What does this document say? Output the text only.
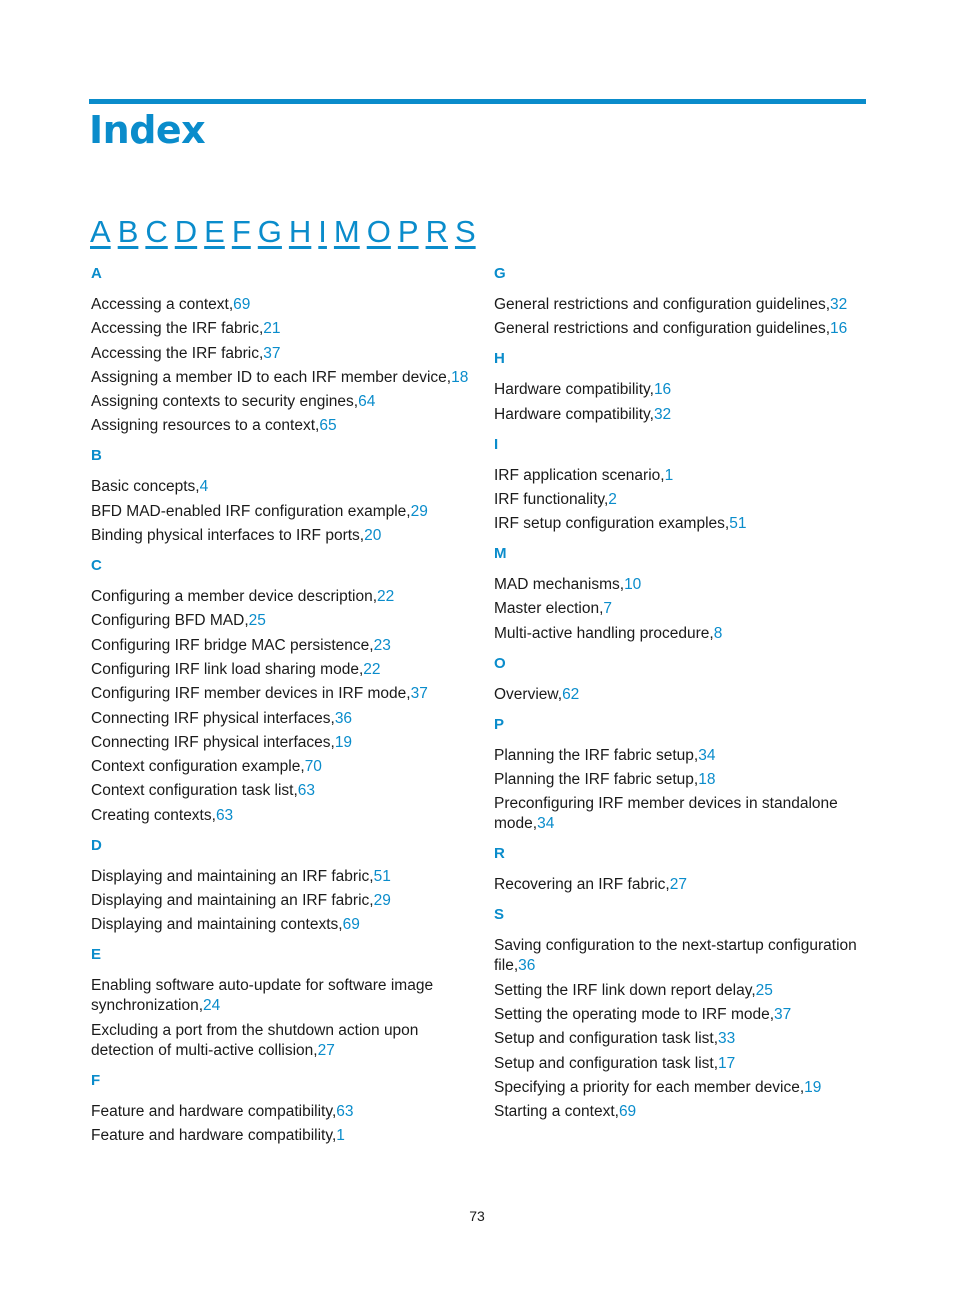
Index
A B C D E F G H I M O P R S
A
Accessing a context,69
Accessing the IRF fabric,21
Accessing the IRF fabric,37
Assigning a member ID to each IRF member device,18
Assigning contexts to security engines,64
Assigning resources to a context,65
B
Basic concepts,4
BFD MAD-enabled IRF configuration example,29
Binding physical interfaces to IRF ports,20
C
Configuring a member device description,22
Configuring BFD MAD,25
Configuring IRF bridge MAC persistence,23
Configuring IRF link load sharing mode,22
Configuring IRF member devices in IRF mode,37
Connecting IRF physical interfaces,36
Connecting IRF physical interfaces,19
Context configuration example,70
Context configuration task list,63
Creating contexts,63
D
Displaying and maintaining an IRF fabric,51
Displaying and maintaining an IRF fabric,29
Displaying and maintaining contexts,69
E
Enabling software auto-update for software image synchronization,24
Excluding a port from the shutdown action upon detection of multi-active collision,27
F
Feature and hardware compatibility,63
Feature and hardware compatibility,1
G
General restrictions and configuration guidelines,32
General restrictions and configuration guidelines,16
H
Hardware compatibility,16
Hardware compatibility,32
I
IRF application scenario,1
IRF functionality,2
IRF setup configuration examples,51
M
MAD mechanisms,10
Master election,7
Multi-active handling procedure,8
O
Overview,62
P
Planning the IRF fabric setup,34
Planning the IRF fabric setup,18
Preconfiguring IRF member devices in standalone mode,34
R
Recovering an IRF fabric,27
S
Saving configuration to the next-startup configuration file,36
Setting the IRF link down report delay,25
Setting the operating mode to IRF mode,37
Setup and configuration task list,33
Setup and configuration task list,17
Specifying a priority for each member device,19
Starting a context,69
73
